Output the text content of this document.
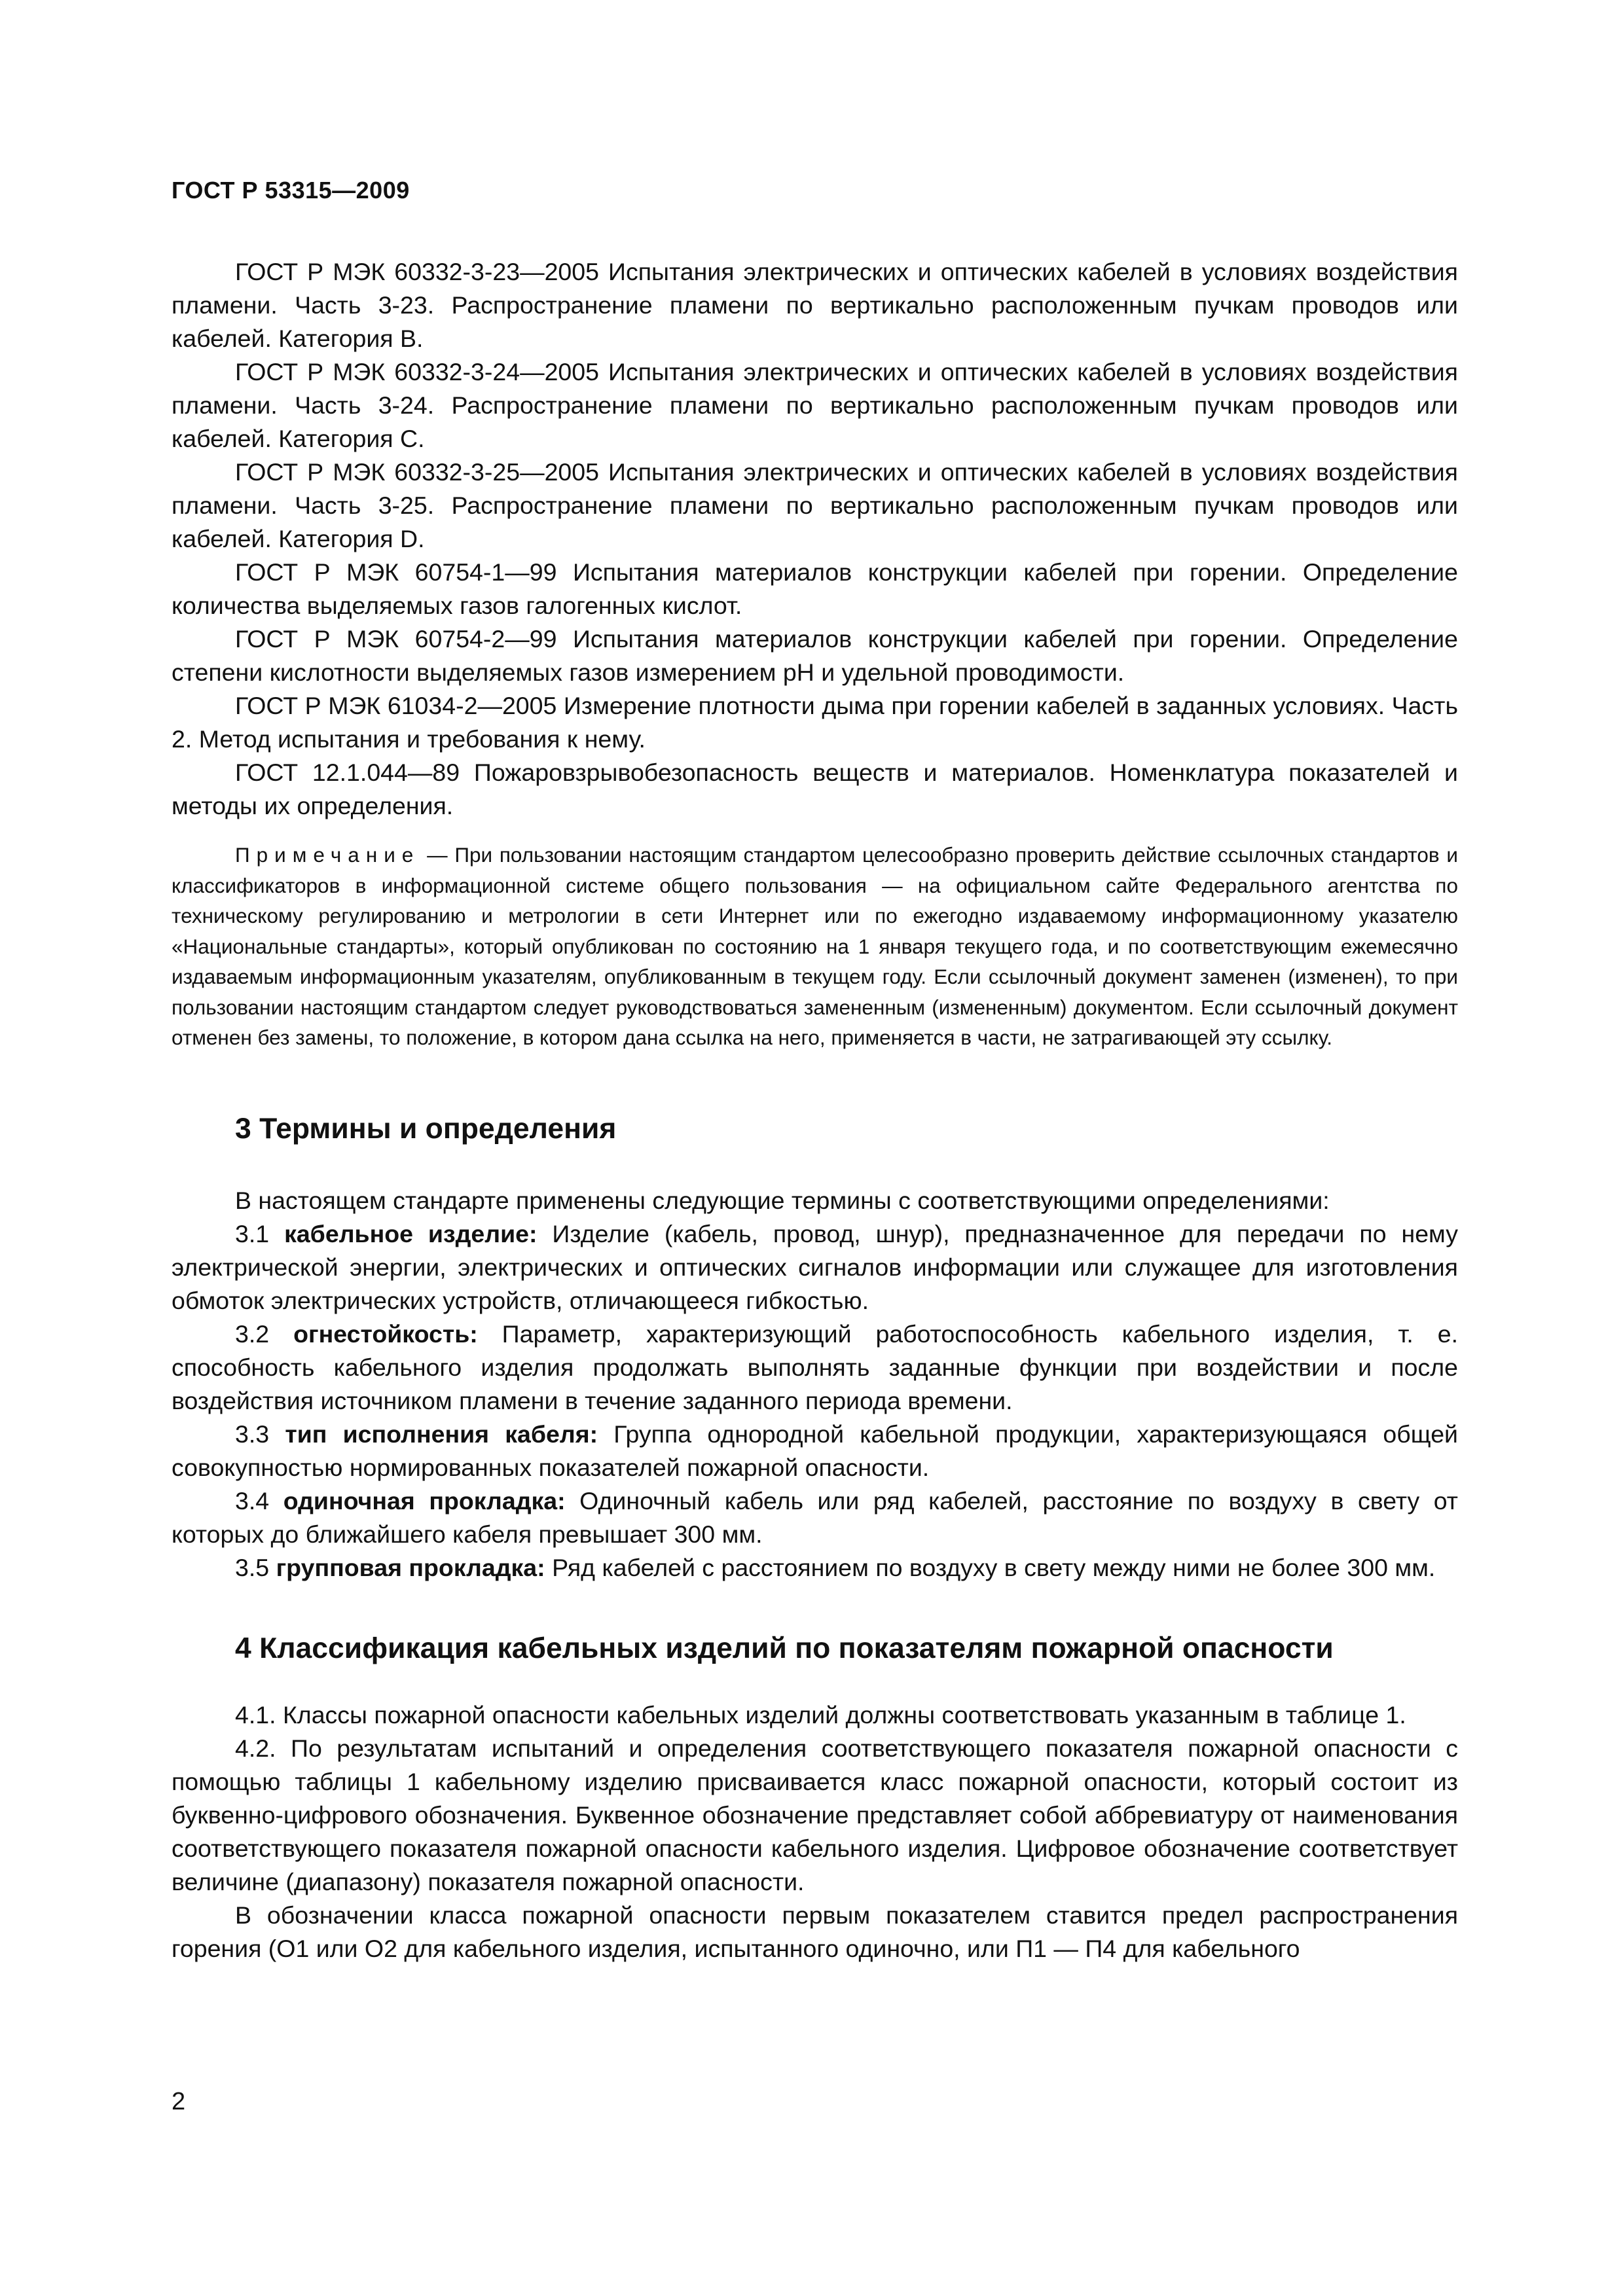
ГОСТ Р 53315—2009

ГОСТ Р МЭК 60332-3-23—2005 Испытания электрических и оптических кабелей в условиях воздействия пламени. Часть 3-23. Распространение пламени по вертикально расположенным пучкам проводов или кабелей. Категория В.

ГОСТ Р МЭК 60332-3-24—2005 Испытания электрических и оптических кабелей в условиях воздействия пламени. Часть 3-24. Распространение пламени по вертикально расположенным пучкам проводов или кабелей. Категория С.

ГОСТ Р МЭК 60332-3-25—2005 Испытания электрических и оптических кабелей в условиях воздействия пламени. Часть 3-25. Распространение пламени по вертикально расположенным пучкам проводов или кабелей. Категория D.

ГОСТ Р МЭК 60754-1—99 Испытания материалов конструкции кабелей при горении. Определение количества выделяемых газов галогенных кислот.

ГОСТ Р МЭК 60754-2—99 Испытания материалов конструкции кабелей при горении. Определение степени кислотности выделяемых газов измерением pH и удельной проводимости.

ГОСТ Р МЭК 61034-2—2005 Измерение плотности дыма при горении кабелей в заданных условиях. Часть 2. Метод испытания и требования к нему.

ГОСТ 12.1.044—89 Пожаровзрывобезопасность веществ и материалов. Номенклатура показателей и методы их определения.

Примечание — При пользовании настоящим стандартом целесообразно проверить действие ссылочных стандартов и классификаторов в информационной системе общего пользования — на официальном сайте Федерального агентства по техническому регулированию и метрологии в сети Интернет или по ежегодно издаваемому информационному указателю «Национальные стандарты», который опубликован по состоянию на 1 января текущего года, и по соответствующим ежемесячно издаваемым информационным указателям, опубликованным в текущем году. Если ссылочный документ заменен (изменен), то при пользовании настоящим стандартом следует руководствоваться замененным (измененным) документом. Если ссылочный документ отменен без замены, то положение, в котором дана ссылка на него, применяется в части, не затрагивающей эту ссылку.
3 Термины и определения

В настоящем стандарте применены следующие термины с соответствующими определениями:

3.1 кабельное изделие: Изделие (кабель, провод, шнур), предназначенное для передачи по нему электрической энергии, электрических и оптических сигналов информации или служащее для изготовления обмоток электрических устройств, отличающееся гибкостью.

3.2 огнестойкость: Параметр, характеризующий работоспособность кабельного изделия, т. е. способность кабельного изделия продолжать выполнять заданные функции при воздействии и после воздействия источником пламени в течение заданного периода времени.

3.3 тип исполнения кабеля: Группа однородной кабельной продукции, характеризующаяся общей совокупностью нормированных показателей пожарной опасности.

3.4 одиночная прокладка: Одиночный кабель или ряд кабелей, расстояние по воздуху в свету от которых до ближайшего кабеля превышает 300 мм.

3.5 групповая прокладка: Ряд кабелей с расстоянием по воздуху в свету между ними не более 300 мм.

4 Классификация кабельных изделий по показателям пожарной опасности

4.1. Классы пожарной опасности кабельных изделий должны соответствовать указанным в таблице 1.

4.2. По результатам испытаний и определения соответствующего показателя пожарной опасности с помощью таблицы 1 кабельному изделию присваивается класс пожарной опасности, который состоит из буквенно-цифрового обозначения. Буквенное обозначение представляет собой аббревиатуру от наименования соответствующего показателя пожарной опасности кабельного изделия. Цифровое обозначение соответствует величине (диапазону) показателя пожарной опасности.

В обозначении класса пожарной опасности первым показателем ставится предел распространения горения (О1 или О2 для кабельного изделия, испытанного одиночно, или П1 — П4 для кабельного

2
